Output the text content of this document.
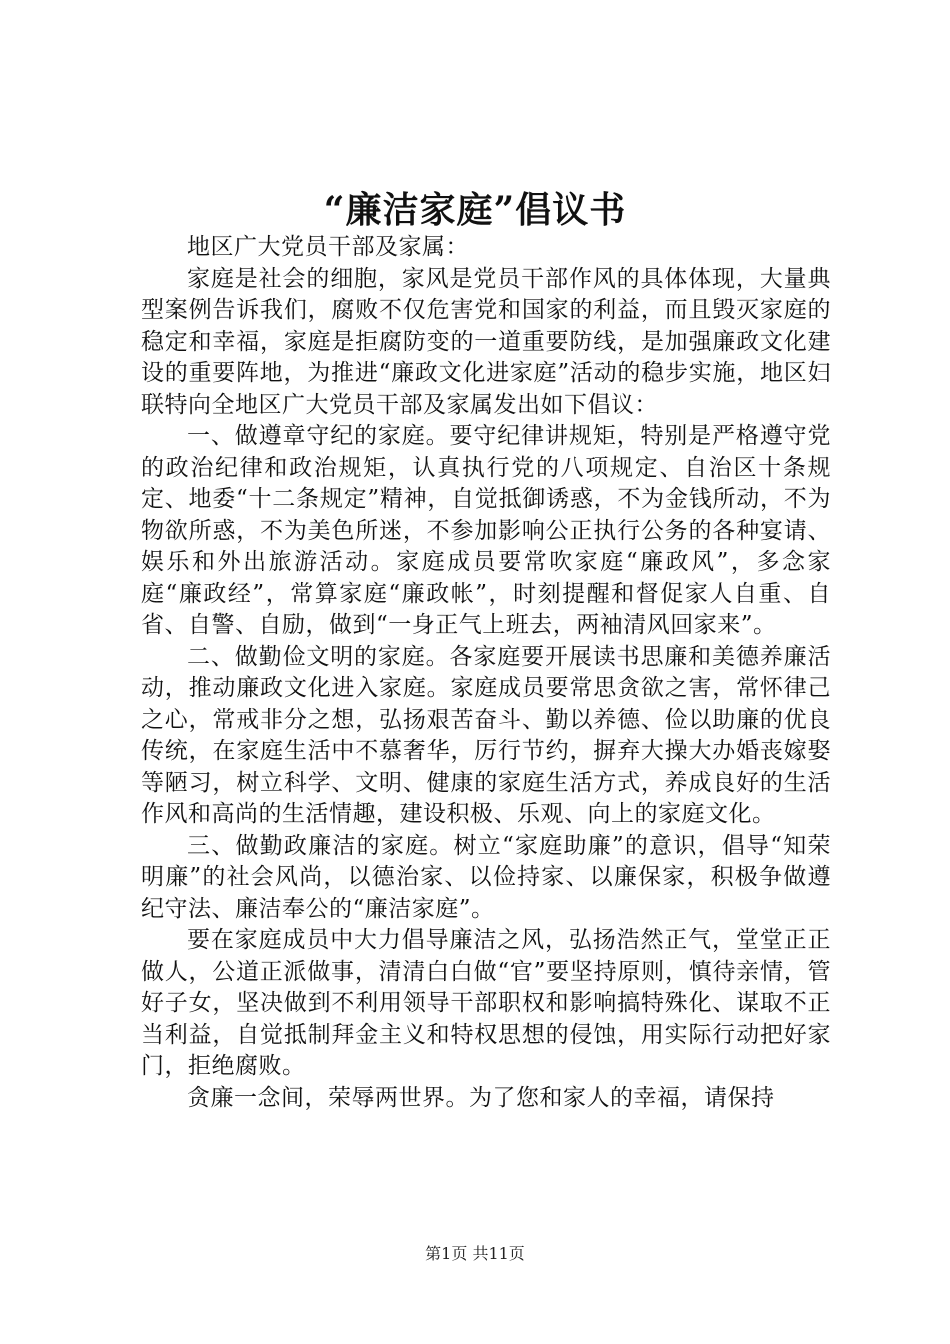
“廉洁家庭”倡议书

地区广大党员干部及家属：

家庭是社会的细胞，家风是党员干部作风的具体体现，大量典型案例告诉我们，腐败不仅危害党和国家的利益，而且毁灭家庭的稳定和幸福，家庭是拒腐防变的一道重要防线，是加强廉政文化建设的重要阵地，为推进“廉政文化进家庭”活动的稳步实施，地区妇联特向全地区广大党员干部及家属发出如下倡议：

一、做遵章守纪的家庭。要守纪律讲规矩，特别是严格遵守党的政治纪律和政治规矩，认真执行党的八项规定、自治区十条规定、地委“十二条规定”精神，自觉抵御诱惑，不为金钱所动，不为物欲所惑，不为美色所迷，不参加影响公正执行公务的各种宴请、娱乐和外出旅游活动。家庭成员要常吹家庭“廉政风”，多念家庭“廉政经”，常算家庭“廉政帐”，时刻提醒和督促家人自重、自省、自警、自励，做到“一身正气上班去，两袖清风回家来”。

二、做勤俭文明的家庭。各家庭要开展读书思廉和美德养廉活动，推动廉政文化进入家庭。家庭成员要常思贪欲之害，常怀律己之心，常戒非分之想，弘扬艰苦奋斗、勤以养德、俭以助廉的优良传统，在家庭生活中不慕奢华，厉行节约，摒弃大操大办婚丧嫁娶等陋习，树立科学、文明、健康的家庭生活方式，养成良好的生活作风和高尚的生活情趣，建设积极、乐观、向上的家庭文化。

三、做勤政廉洁的家庭。树立“家庭助廉”的意识，倡导“知荣明廉”的社会风尚，以德治家、以俭持家、以廉保家，积极争做遵纪守法、廉洁奉公的“廉洁家庭”。

要在家庭成员中大力倡导廉洁之风，弘扬浩然正气，堂堂正正做人，公道正派做事，清清白白做“官”要坚持原则，慎待亲情，管好子女，坚决做到不利用领导干部职权和影响搞特殊化、谋取不正当利益，自觉抵制拜金主义和特权思想的侵蚀，用实际行动把好家门，拒绝腐败。

贪廉一念间，荣辱两世界。为了您和家人的幸福，请保持

第1页 共11页
